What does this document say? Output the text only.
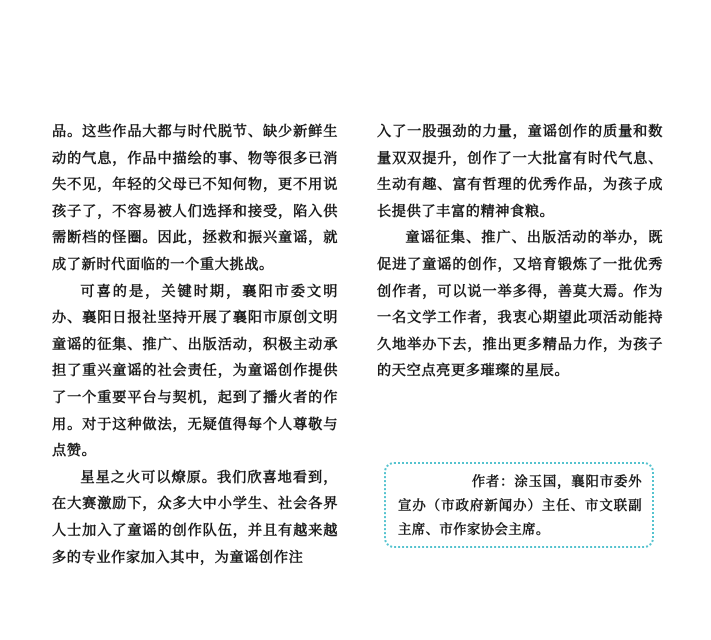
品。这些作品大都与时代脱节、缺少新鲜生动的气息，作品中描绘的事、物等很多已消失不见，年轻的父母已不知何物，更不用说孩子了，不容易被人们选择和接受，陷入供需断档的怪圈。因此，拯救和振兴童谣，就成了新时代面临的一个重大挑战。

可喜的是，关键时期，襄阳市委文明办、襄阳日报社坚持开展了襄阳市原创文明童谣的征集、推广、出版活动，积极主动承担了重兴童谣的社会责任，为童谣创作提供了一个重要平台与契机，起到了播火者的作用。对于这种做法，无疑值得每个人尊敬与点赞。

星星之火可以燎原。我们欣喜地看到，在大赛激励下，众多大中小学生、社会各界人士加入了童谣的创作队伍，并且有越来越多的专业作家加入其中，为童谣创作注

入了一股强劲的力量，童谣创作的质量和数量双双提升，创作了一大批富有时代气息、生动有趣、富有哲理的优秀作品，为孩子成长提供了丰富的精神食粮。

童谣征集、推广、出版活动的举办，既促进了童谣的创作，又培育锻炼了一批优秀创作者，可以说一举多得，善莫大焉。作为一名文学工作者，我衷心期望此项活动能持久地举办下去，推出更多精品力作，为孩子的天空点亮更多璀璨的星辰。

作者：涂玉国，襄阳市委外宣办（市政府新闻办）主任、市文联副主席、市作家协会主席。
